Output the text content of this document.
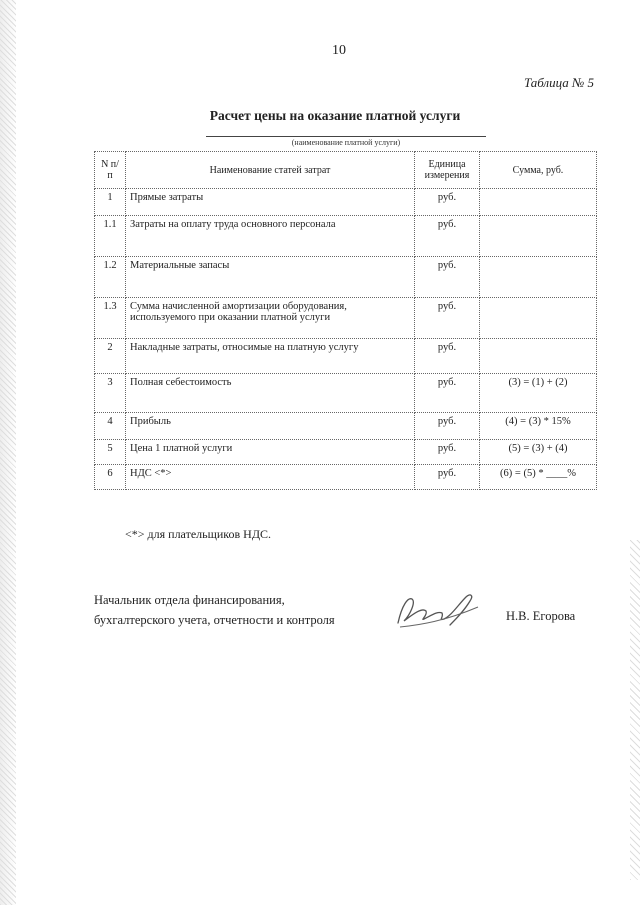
10
Таблица № 5
Расчет цены на оказание платной услуги
(наименование платной услуги)
N п/п	Наименование статей затрат	Единица измерения	Сумма, руб.
1	Прямые затраты	руб.	
1.1	Затраты на оплату труда основного персонала	руб.	
1.2	Материальные запасы	руб.	
1.3	Сумма начисленной амортизации оборудования, используемого при оказании платной услуги	руб.	
2	Накладные затраты, относимые на платную услугу	руб.	
3	Полная себестоимость	руб.	(3) = (1) + (2)
4	Прибыль	руб.	(4) = (3) * 15%
5	Цена 1 платной услуги	руб.	(5) = (3) + (4)
6	НДС <*>	руб.	(6) = (5) * ____%
<*> для плательщиков НДС.
Начальник отдела финансирования,
бухгалтерского учета, отчетности и контроля	Н.В. Егорова
